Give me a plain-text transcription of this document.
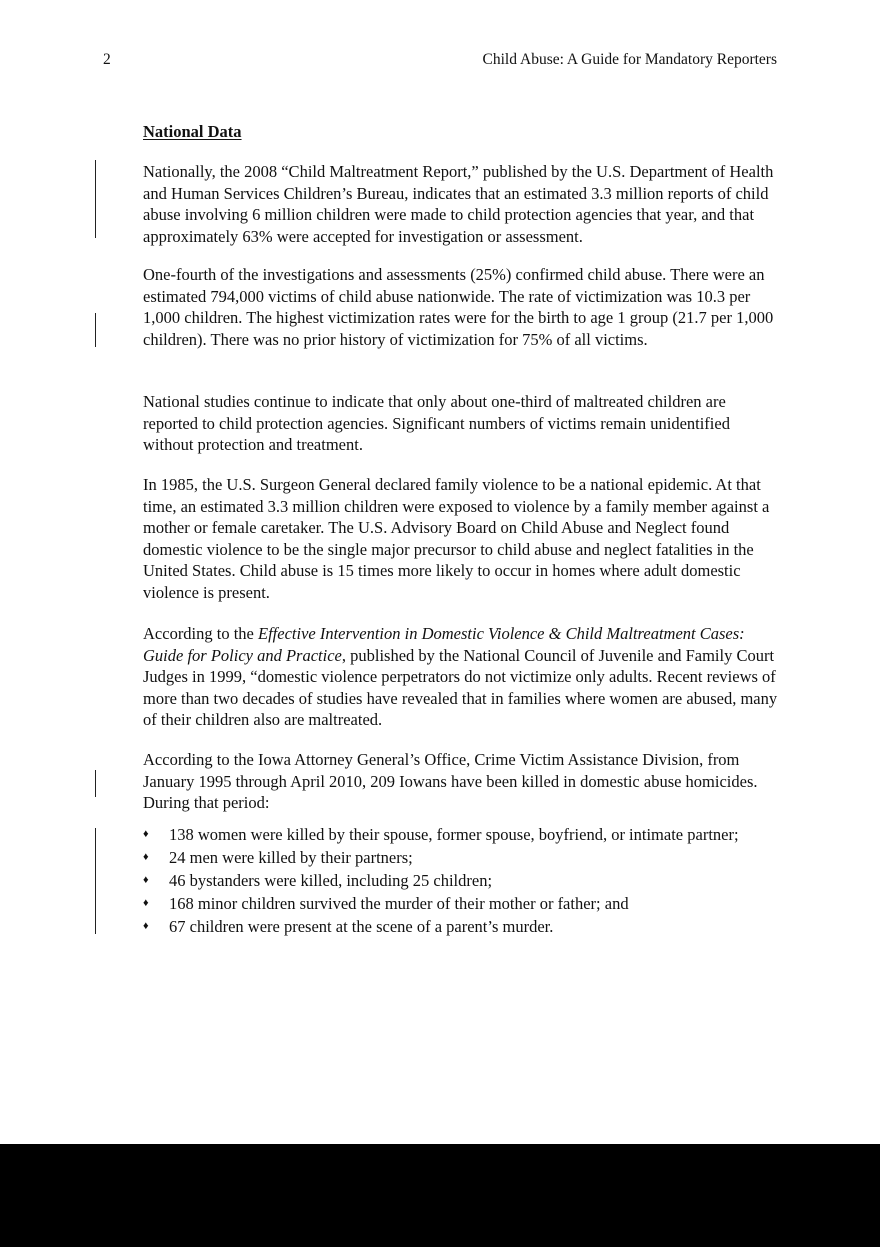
2	Child Abuse: A Guide for Mandatory Reporters
National Data

Nationally, the 2008 “Child Maltreatment Report,” published by the U.S. Department of Health and Human Services Children’s Bureau, indicates that an estimated 3.3 million reports of child abuse involving 6 million children were made to child protection agencies that year, and that approximately 63% were accepted for investigation or assessment.

One-fourth of the investigations and assessments (25%) confirmed child abuse. There were an estimated 794,000 victims of child abuse nationwide. The rate of victimization was 10.3 per 1,000 children. The highest victimization rates were for the birth to age 1 group (21.7 per 1,000 children). There was no prior history of victimization for 75% of all victims.

National studies continue to indicate that only about one-third of maltreated children are reported to child protection agencies. Significant numbers of victims remain unidentified without protection and treatment.

In 1985, the U.S. Surgeon General declared family violence to be a national epidemic. At that time, an estimated 3.3 million children were exposed to violence by a family member against a mother or female caretaker. The U.S. Advisory Board on Child Abuse and Neglect found domestic violence to be the single major precursor to child abuse and neglect fatalities in the United States. Child abuse is 15 times more likely to occur in homes where adult domestic violence is present.

According to the Effective Intervention in Domestic Violence & Child Maltreatment Cases: Guide for Policy and Practice, published by the National Council of Juvenile and Family Court Judges in 1999, “domestic violence perpetrators do not victimize only adults. Recent reviews of more than two decades of studies have revealed that in families where women are abused, many of their children also are maltreated.

According to the Iowa Attorney General’s Office, Crime Victim Assistance Division, from January 1995 through April 2010, 209 Iowans have been killed in domestic abuse homicides. During that period:

♦ 138 women were killed by their spouse, former spouse, boyfriend, or intimate partner;
♦ 24 men were killed by their partners;
♦ 46 bystanders were killed, including 25 children;
♦ 168 minor children survived the murder of their mother or father; and
♦ 67 children were present at the scene of a parent’s murder.
